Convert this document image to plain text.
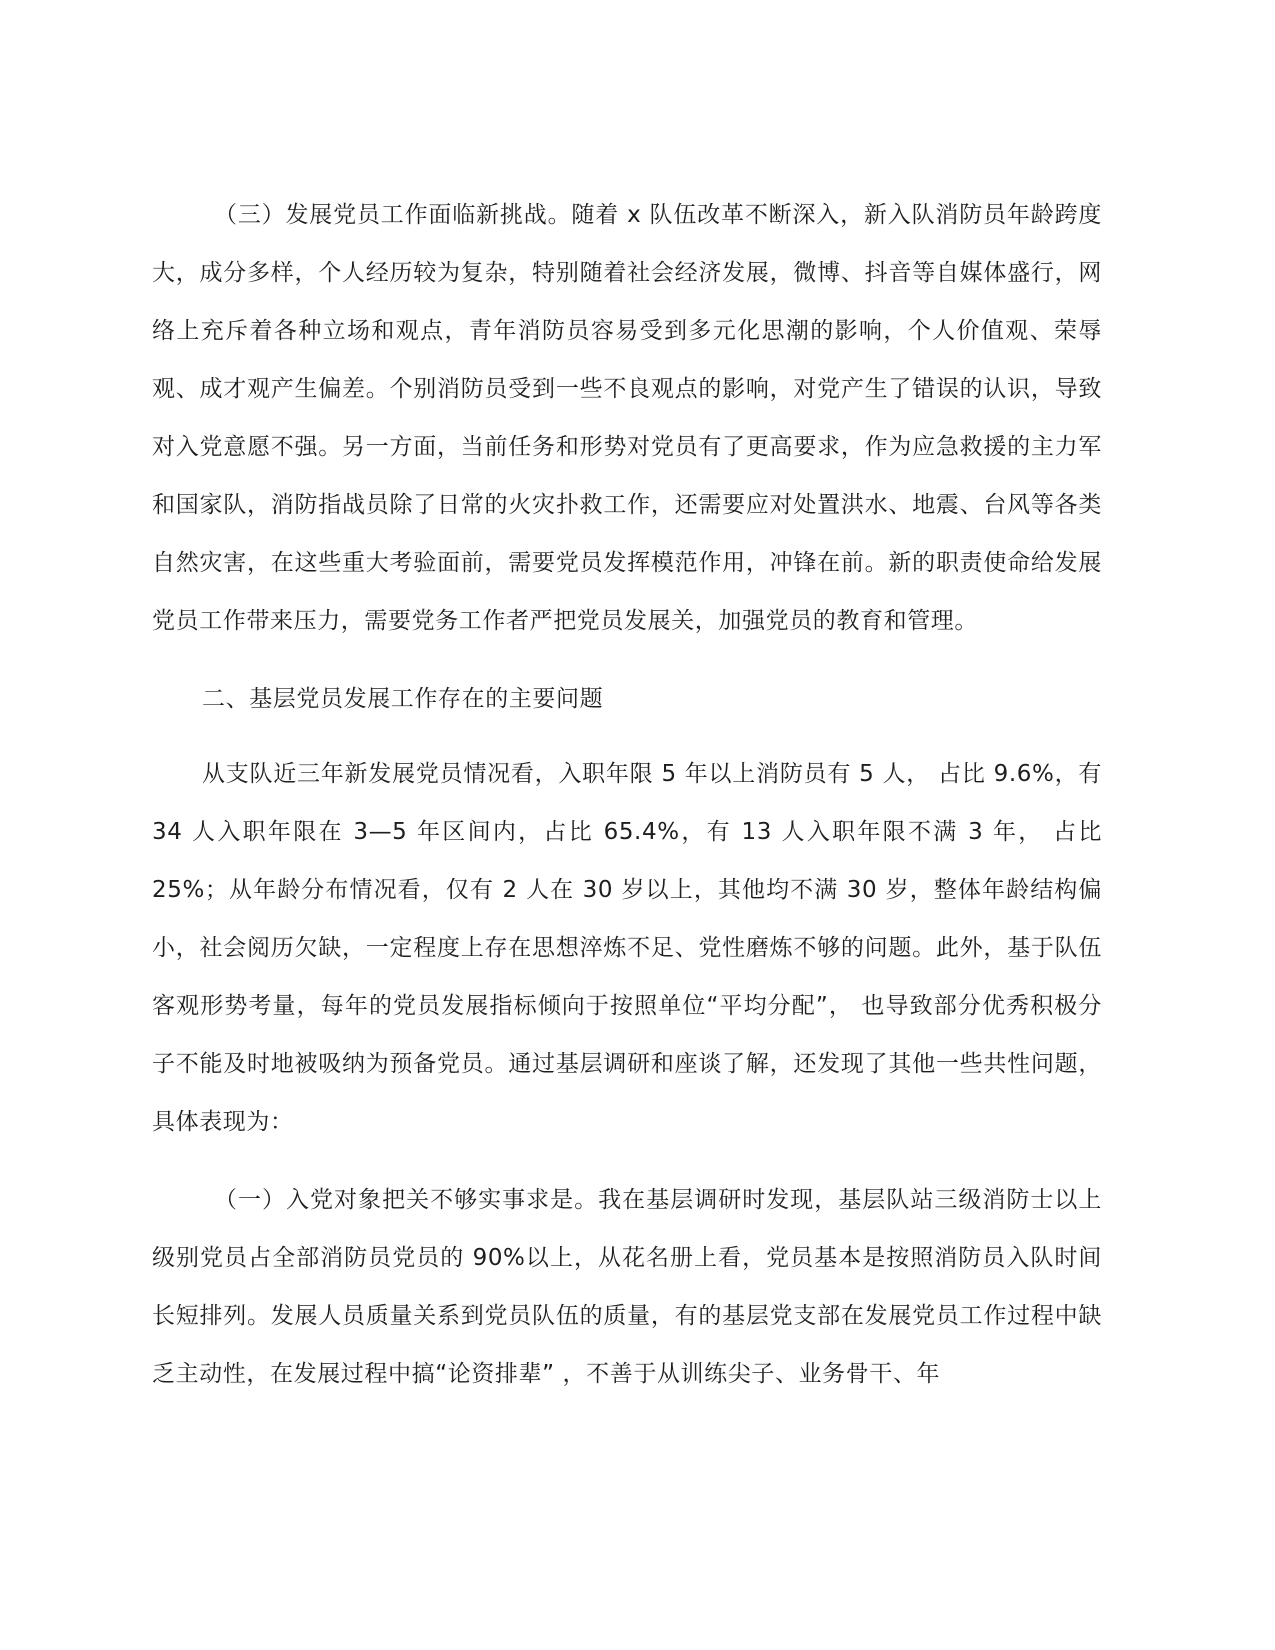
（三）发展党员工作面临新挑战。随着 x 队伍改革不断深入，新入队消防员年龄跨度大，成分多样，个人经历较为复杂，特别随着社会经济发展，微博、抖音等自媒体盛行，网络上充斥着各种立场和观点，青年消防员容易受到多元化思潮的影响，个人价值观、荣辱观、成才观产生偏差。个别消防员受到一些不良观点的影响，对党产生了错误的认识，导致对入党意愿不强。另一方面，当前任务和形势对党员有了更高要求，作为应急救援的主力军和国家队，消防指战员除了日常的火灾扑救工作，还需要应对处置洪水、地震、台风等各类自然灾害，在这些重大考验面前，需要党员发挥模范作用，冲锋在前。新的职责使命给发展党员工作带来压力，需要党务工作者严把党员发展关，加强党员的教育和管理。

二、基层党员发展工作存在的主要问题

从支队近三年新发展党员情况看，入职年限 5 年以上消防员有 5 人， 占比 9.6%，有 34 人入职年限在 3—5 年区间内，占比 65.4%，有 13 人入职年限不满 3 年， 占比 25%；从年龄分布情况看，仅有 2 人在 30 岁以上，其他均不满 30 岁，整体年龄结构偏小，社会阅历欠缺，一定程度上存在思想淬炼不足、党性磨炼不够的问题。此外，基于队伍客观形势考量，每年的党员发展指标倾向于按照单位“平均分配”， 也导致部分优秀积极分子不能及时地被吸纳为预备党员。通过基层调研和座谈了解，还发现了其他一些共性问题，具体表现为：

（一）入党对象把关不够实事求是。我在基层调研时发现，基层队站三级消防士以上级别党员占全部消防员党员的 90%以上，从花名册上看，党员基本是按照消防员入队时间长短排列。发展人员质量关系到党员队伍的质量，有的基层党支部在发展党员工作过程中缺乏主动性，在发展过程中搞“论资排辈” ，不善于从训练尖子、业务骨干、年
